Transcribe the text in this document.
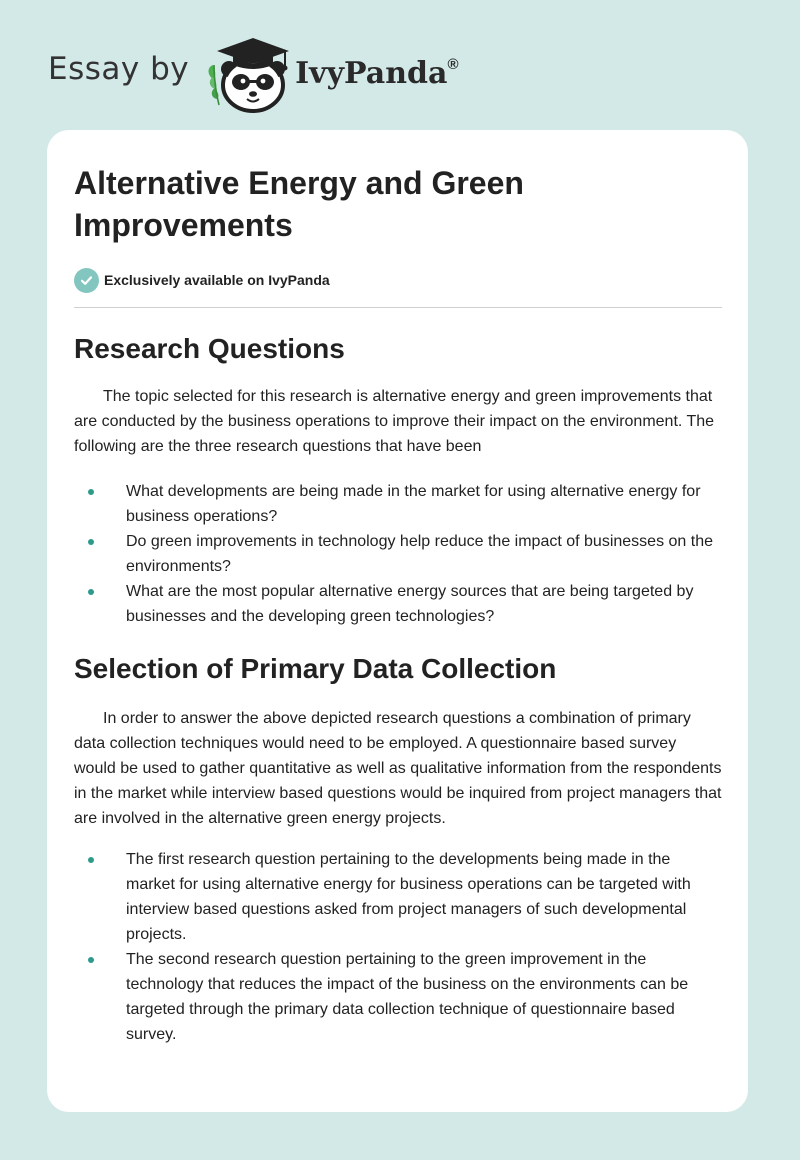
Essay by	IvyPanda®
Alternative Energy and Green Improvements
Exclusively available on IvyPanda
Research Questions

The topic selected for this research is alternative energy and green improvements that are conducted by the business operations to improve their impact on the environment. The following are the three research questions that have been

What developments are being made in the market for using alternative energy for business operations?
Do green improvements in technology help reduce the impact of businesses on the environments?
What are the most popular alternative energy sources that are being targeted by businesses and the developing green technologies?
Selection of Primary Data Collection

In order to answer the above depicted research questions a combination of primary data collection techniques would need to be employed. A questionnaire based survey would be used to gather quantitative as well as qualitative information from the respondents in the market while interview based questions would be inquired from project managers that are involved in the alternative green energy projects.

The first research question pertaining to the developments being made in the market for using alternative energy for business operations can be targeted with interview based questions asked from project managers of such developmental projects.
The second research question pertaining to the green improvement in the technology that reduces the impact of the business on the environments can be targeted through the primary data collection technique of questionnaire based survey.
